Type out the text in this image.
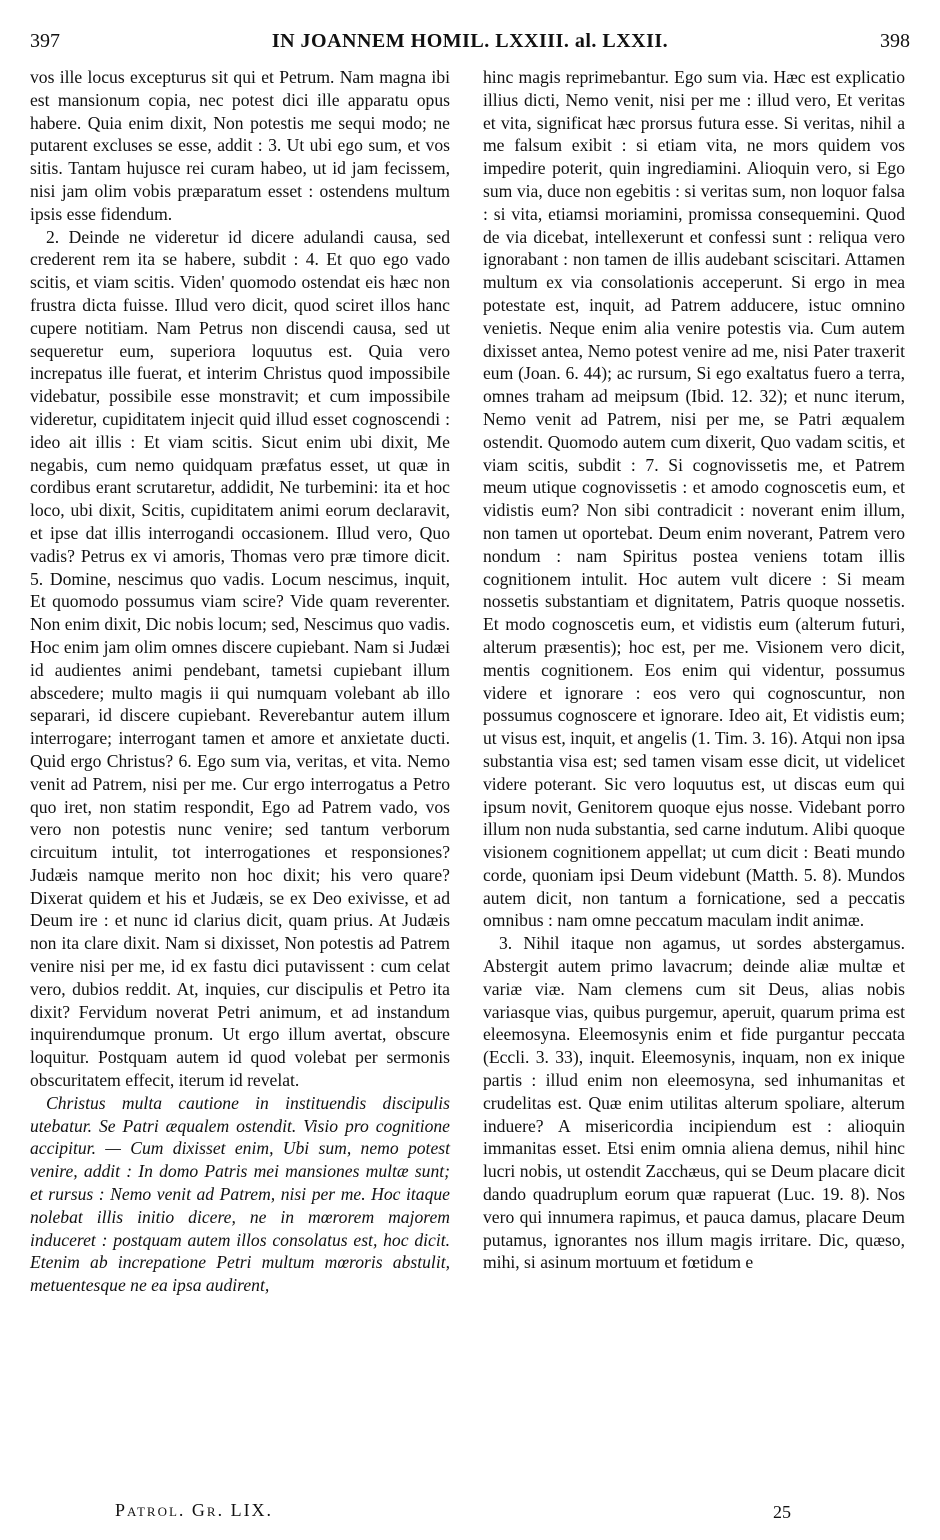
397	IN JOANNEM HOMIL. LXXIII. al. LXXII.	398

vos ille locus excepturus sit qui et Petrum. Nam magna ibi est mansionum copia, nec potest dici ille apparatu opus habere. Quia enim dixit, Non potestis me sequi modo; ne putarent excluses se esse, addit : 3. Ut ubi ego sum, et vos sitis. Tantam hujusce rei curam habeo, ut id jam fecissem, nisi jam olim vobis præparatum esset : ostendens multum ipsis esse fidendum.

2. Deinde ne videretur id dicere adulandi causa, sed crederent rem ita se habere, subdit : 4. Et quo ego vado scitis, et viam scitis. Viden' quomodo ostendat eis hæc non frustra dicta fuisse. Illud vero dicit, quod sciret illos hanc cupere notitiam. Nam Petrus non discendi causa, sed ut sequeretur eum, superiora loquutus est. Quia vero increpatus ille fuerat, et interim Christus quod impossibile videbatur, possibile esse monstravit; et cum impossibile videretur, cupiditatem injecit quid illud esset cognoscendi : ideo ait illis : Et viam scitis. Sicut enim ubi dixit, Me negabis, cum nemo quidquam præfatus esset, ut quæ in cordibus erant scrutaretur, addidit, Ne turbemini: ita et hoc loco, ubi dixit, Scitis, cupiditatem animi eorum declaravit, et ipse dat illis interrogandi occasionem. Illud vero, Quo vadis? Petrus ex vi amoris, Thomas vero præ timore dicit. 5. Domine, nescimus quo vadis. Locum nescimus, inquit, Et quomodo possumus viam scire? Vide quam reverenter. Non enim dixit, Dic nobis locum; sed, Nescimus quo vadis. Hoc enim jam olim omnes discere cupiebant. Nam si Judæi id audientes animi pendebant, tametsi cupiebant illum abscedere; multo magis ii qui numquam volebant ab illo separari, id discere cupiebant. Reverebantur autem illum interrogare; interrogant tamen et amore et anxietate ducti. Quid ergo Christus? 6. Ego sum via, veritas, et vita. Nemo venit ad Patrem, nisi per me. Cur ergo interrogatus a Petro quo iret, non statim respondit, Ego ad Patrem vado, vos vero non potestis nunc venire; sed tantum verborum circuitum intulit, tot interrogationes et responsiones? Judæis namque merito non hoc dixit; his vero quare? Dixerat quidem et his et Judæis, se ex Deo exivisse, et ad Deum ire : et nunc id clarius dicit, quam prius. At Judæis non ita clare dixit. Nam si dixisset, Non potestis ad Patrem venire nisi per me, id ex fastu dici putavissent : cum celat vero, dubios reddit. At, inquies, cur discipulis et Petro ita dixit? Fervidum noverat Petri animum, et ad instandum inquirendumque pronum. Ut ergo illum avertat, obscure loquitur. Postquam autem id quod volebat per sermonis obscuritatem effecit, iterum id revelat.

Christus multa cautione in instituendis discipulis utebatur. Se Patri æqualem ostendit. Visio pro cognitione accipitur. — Cum dixisset enim, Ubi sum, nemo potest venire, addit : In domo Patris mei mansiones multæ sunt; et rursus : Nemo venit ad Patrem, nisi per me. Hoc itaque nolebat illis initio dicere, ne in mœrorem majorem induceret : postquam autem illos consolatus est, hoc dicit. Etenim ab increpatione Petri multum mœroris abstulit, metuentesque ne ea ipsa audirent,

hinc magis reprimebantur. Ego sum via. Hæc est explicatio illius dicti, Nemo venit, nisi per me : illud vero, Et veritas et vita, significat hæc prorsus futura esse. Si veritas, nihil a me falsum exibit : si etiam vita, ne mors quidem vos impedire poterit, quin ingrediamini. Alioquin vero, si Ego sum via, duce non egebitis : si veritas sum, non loquor falsa : si vita, etiamsi moriamini, promissa consequemini. Quod de via dicebat, intellexerunt et confessi sunt : reliqua vero ignorabant : non tamen de illis audebant sciscitari. Attamen multum ex via consolationis acceperunt. Si ergo in mea potestate est, inquit, ad Patrem adducere, istuc omnino venietis. Neque enim alia venire potestis via. Cum autem dixisset antea, Nemo potest venire ad me, nisi Pater traxerit eum (Joan. 6. 44); ac rursum, Si ego exaltatus fuero a terra, omnes traham ad meipsum (Ibid. 12. 32); et nunc iterum, Nemo venit ad Patrem, nisi per me, se Patri æqualem ostendit. Quomodo autem cum dixerit, Quo vadam scitis, et viam scitis, subdit : 7. Si cognovissetis me, et Patrem meum utique cognovissetis : et amodo cognoscetis eum, et vidistis eum? Non sibi contradicit : noverant enim illum, non tamen ut oportebat. Deum enim noverant, Patrem vero nondum : nam Spiritus postea veniens totam illis cognitionem intulit. Hoc autem vult dicere : Si meam nossetis substantiam et dignitatem, Patris quoque nossetis. Et modo cognoscetis eum, et vidistis eum (alterum futuri, alterum præsentis); hoc est, per me. Visionem vero dicit, mentis cognitionem. Eos enim qui videntur, possumus videre et ignorare : eos vero qui cognoscuntur, non possumus cognoscere et ignorare. Ideo ait, Et vidistis eum; ut visus est, inquit, et angelis (1. Tim. 3. 16). Atqui non ipsa substantia visa est; sed tamen visam esse dicit, ut videlicet videre poterant. Sic vero loquutus est, ut discas eum qui ipsum novit, Genitorem quoque ejus nosse. Videbant porro illum non nuda substantia, sed carne indutum. Alibi quoque visionem cognitionem appellat; ut cum dicit : Beati mundo corde, quoniam ipsi Deum videbunt (Matth. 5. 8). Mundos autem dicit, non tantum a fornicatione, sed a peccatis omnibus : nam omne peccatum maculam indit animæ.

3. Nihil itaque non agamus, ut sordes abstergamus. Abstergit autem primo lavacrum; deinde aliæ multæ et variæ viæ. Nam clemens cum sit Deus, alias nobis variasque vias, quibus purgemur, aperuit, quarum prima est eleemosyna. Eleemosynis enim et fide purgantur peccata (Eccli. 3. 33), inquit. Eleemosynis, inquam, non ex inique partis : illud enim non eleemosyna, sed inhumanitas et crudelitas est. Quæ enim utilitas alterum spoliare, alterum induere? A misericordia incipiendum est : alioquin immanitas esset. Etsi enim omnia aliena demus, nihil hinc lucri nobis, ut ostendit Zacchæus, qui se Deum placare dicit dando quadruplum eorum quæ rapuerat (Luc. 19. 8). Nos vero qui innumera rapimus, et pauca damus, placare Deum putamus, ignorantes nos illum magis irritare. Dic, quæso, mihi, si asinum mortuum et fœtidum e

Patrol. Gr. LIX.	25
